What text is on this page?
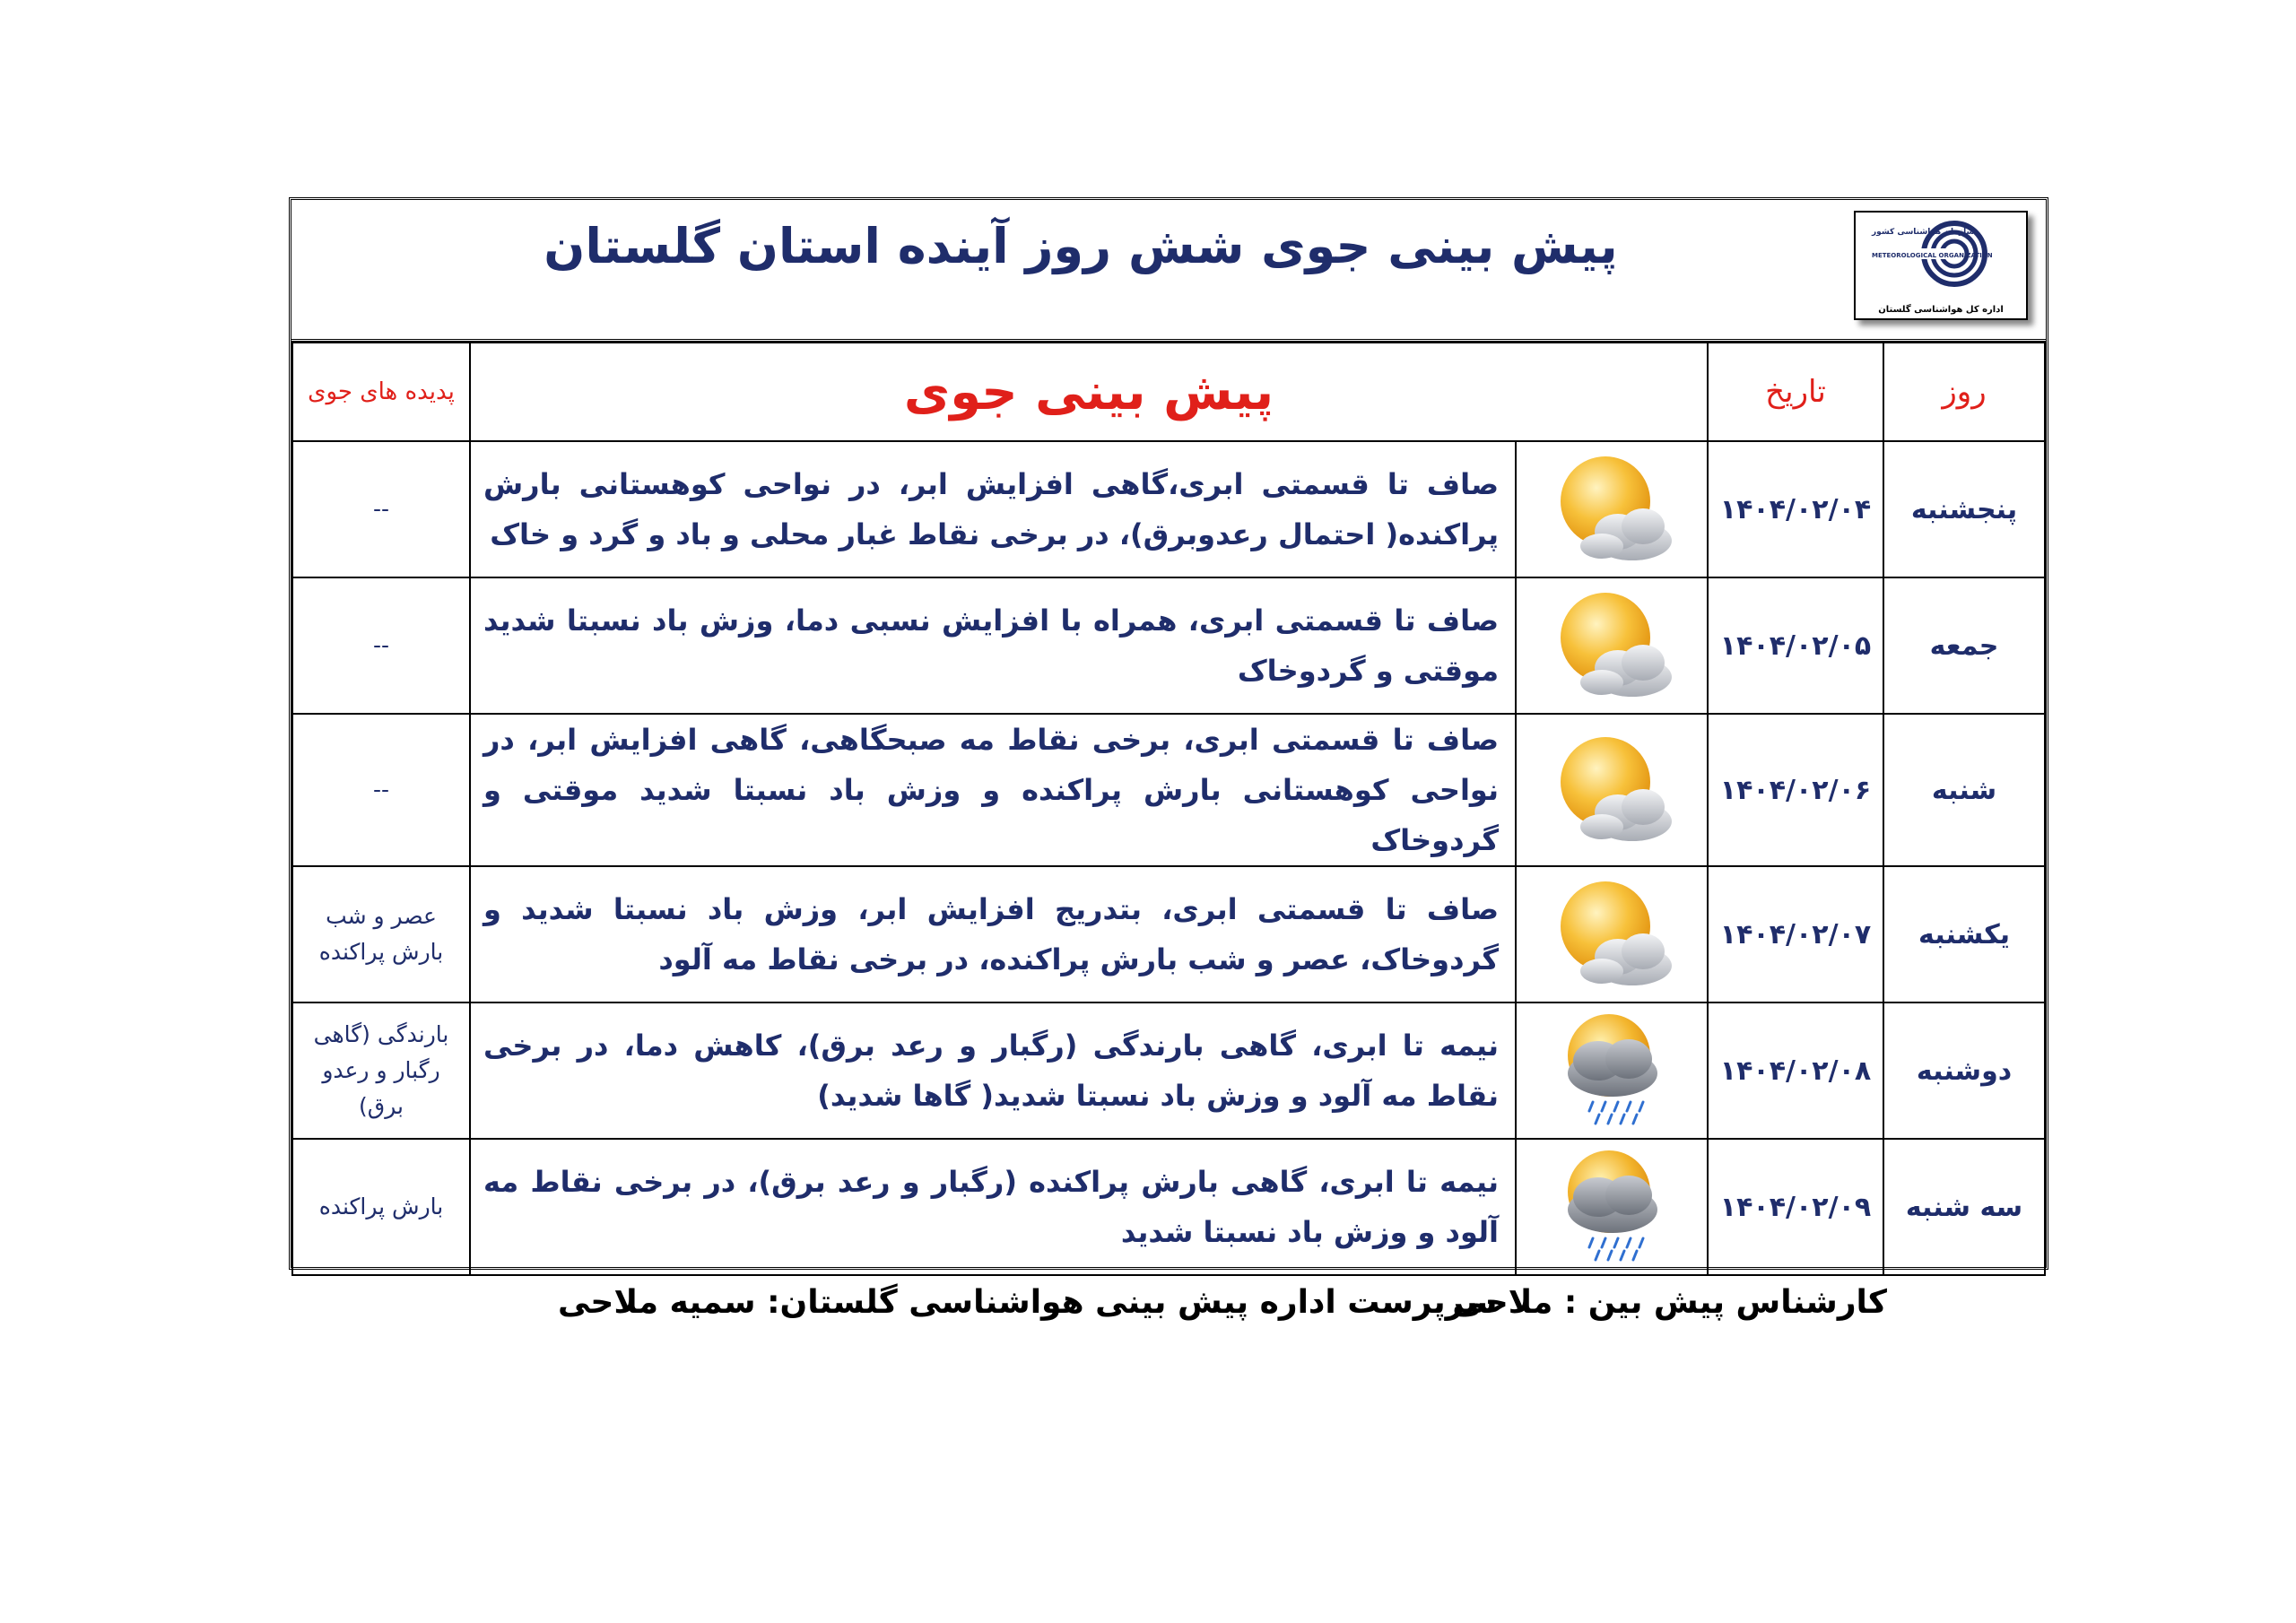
پیش بینی جوی شش روز آینده استان گلستان	سازمان هواشناسی کشور
METEOROLOGICAL ORGANIZATION
اداره کل هواشناسی گلستان
روز	تاریخ	پیش بینی جوی		پدیده های جوی
پنجشنبه	۱۴۰۴/۰۲/۰۴		صاف تا قسمتی ابری،گاهی افزایش ابر، در نواحی کوهستانی بارش پراکنده( احتمال رعدوبرق)، در برخی نقاط غبار محلی و باد و گرد و خاک	--
جمعه	۱۴۰۴/۰۲/۰۵		صاف تا قسمتی ابری، همراه با افزایش نسبی دما، وزش باد نسبتا شدید موقتی و گردوخاک	--
شنبه	۱۴۰۴/۰۲/۰۶		صاف تا قسمتی ابری، برخی نقاط مه صبحگاهی، گاهی افزایش ابر، در نواحی کوهستانی بارش پراکنده و وزش باد نسبتا شدید موقتی و گردوخاک	--
یکشنبه	۱۴۰۴/۰۲/۰۷		صاف تا قسمتی ابری، بتدریج افزایش ابر، وزش باد نسبتا شدید و گردوخاک، عصر و شب بارش پراکنده، در برخی نقاط مه آلود	عصر و شب بارش پراکنده
دوشنبه	۱۴۰۴/۰۲/۰۸		نیمه تا ابری، گاهی بارندگی (رگبار و رعد برق)، کاهش دما، در برخی نقاط مه آلود و وزش باد نسبتا شدید( گاها شدید)	بارندگی (گاهی رگبار و رعدو برق)
سه شنبه	۱۴۰۴/۰۲/۰۹		نیمه تا ابری، گاهی بارش پراکنده (رگبار و رعد برق)، در برخی نقاط مه آلود و وزش باد نسبتا شدید	بارش پراکنده
کارشناس پیش بین : ملاحی
سرپرست اداره پیش بینی هواشناسی گلستان: سمیه ملاحی
